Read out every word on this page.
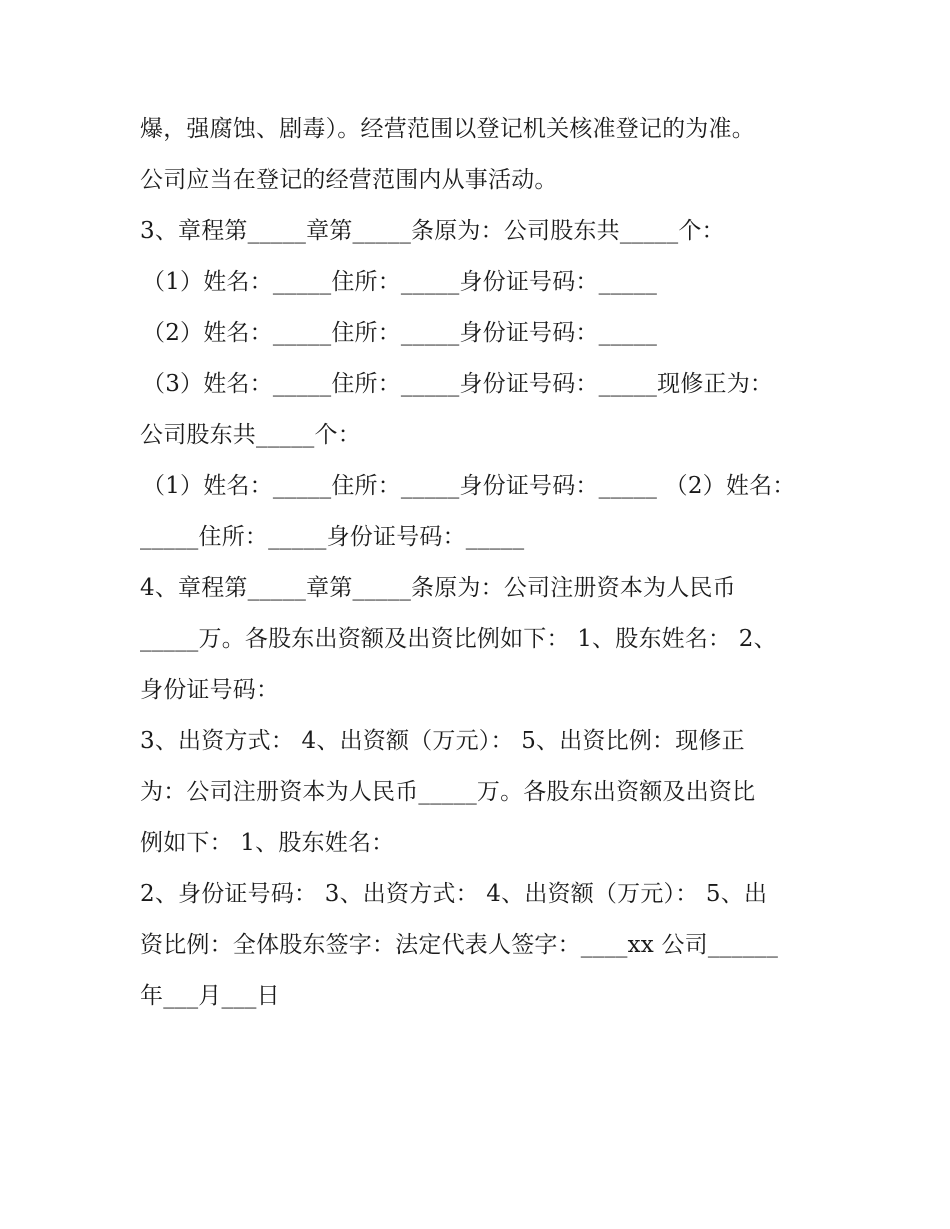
爆，强腐蚀、剧毒）。经营范围以登记机关核准登记的为准。
公司应当在登记的经营范围内从事活动。
3、章程第_____章第_____条原为：公司股东共_____个：
（1）姓名：_____住所：_____身份证号码：_____
（2）姓名：_____住所：_____身份证号码：_____
（3）姓名：_____住所：_____身份证号码：_____现修正为：
公司股东共_____个：
（1）姓名：_____住所：_____身份证号码：_____ （2）姓名：
_____住所：_____身份证号码：_____
4、章程第_____章第_____条原为：公司注册资本为人民币
_____万。各股东出资额及出资比例如下： 1、股东姓名： 2、
身份证号码：
3、出资方式： 4、出资额（万元）： 5、出资比例：现修正
为：公司注册资本为人民币_____万。各股东出资额及出资比
例如下： 1、股东姓名：
2、身份证号码： 3、出资方式： 4、出资额（万元）： 5、出
资比例：全体股东签字：法定代表人签字：____xx 公司______
年___月___日
